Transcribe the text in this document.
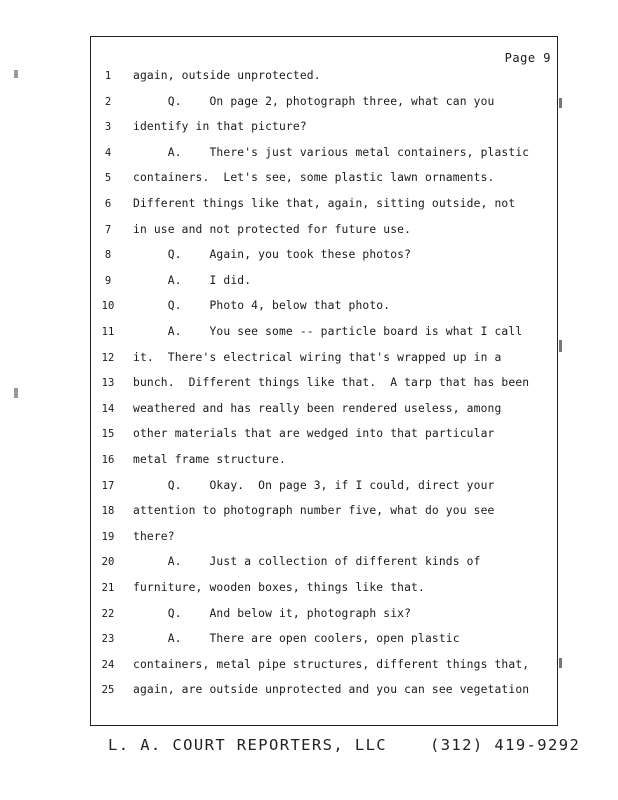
Page 9
1	again, outside unprotected.
2	Q.    On page 2, photograph three, what can you
3	identify in that picture?
4	A.    There's just various metal containers, plastic
5	containers.  Let's see, some plastic lawn ornaments.
6	Different things like that, again, sitting outside, not
7	in use and not protected for future use.
8	Q.    Again, you took these photos?
9	A.    I did.
10	Q.    Photo 4, below that photo.
11	A.    You see some -- particle board is what I call
12	it.  There's electrical wiring that's wrapped up in a
13	bunch.  Different things like that.  A tarp that has been
14	weathered and has really been rendered useless, among
15	other materials that are wedged into that particular
16	metal frame structure.
17	Q.    Okay.  On page 3, if I could, direct your
18	attention to photograph number five, what do you see
19	there?
20	A.    Just a collection of different kinds of
21	furniture, wooden boxes, things like that.
22	Q.    And below it, photograph six?
23	A.    There are open coolers, open plastic
24	containers, metal pipe structures, different things that,
25	again, are outside unprotected and you can see vegetation
L. A. COURT REPORTERS, LLC	(312) 419-9292
